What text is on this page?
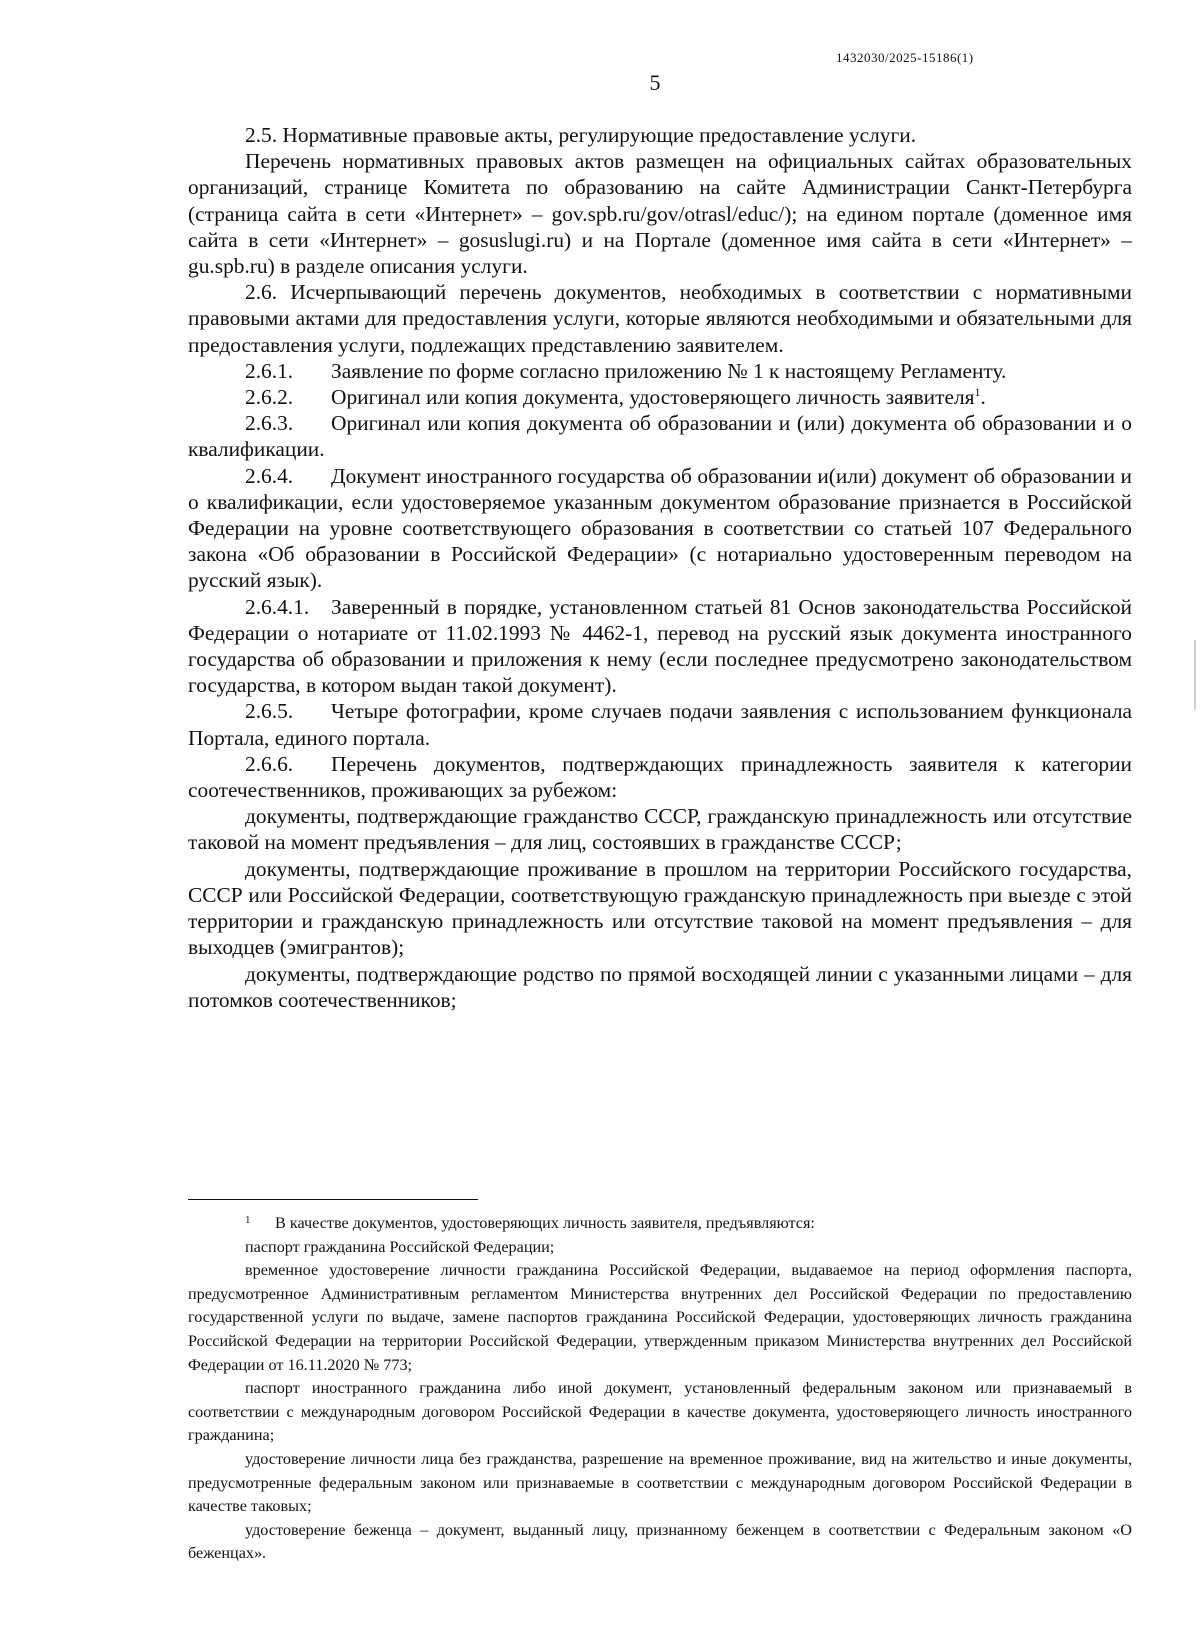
1432030/2025-15186(1)
5

2.5. Нормативные правовые акты, регулирующие предоставление услуги.

Перечень нормативных правовых актов размещен на официальных сайтах образовательных организаций, странице Комитета по образованию на сайте Администрации Санкт-Петербурга (страница сайта в сети «Интернет» – gov.spb.ru/gov/otrasl/educ/); на едином портале (доменное имя сайта в сети «Интернет» – gosuslugi.ru) и на Портале (доменное имя сайта в сети «Интернет» – gu.spb.ru) в разделе описания услуги.

2.6. Исчерпывающий перечень документов, необходимых в соответствии с нормативными правовыми актами для предоставления услуги, которые являются необходимыми и обязательными для предоставления услуги, подлежащих представлению заявителем.

2.6.1. Заявление по форме согласно приложению № 1 к настоящему Регламенту.

2.6.2. Оригинал или копия документа, удостоверяющего личность заявителя$^1$.

2.6.3. Оригинал или копия документа об образовании и (или) документа об образовании и о квалификации.

2.6.4. Документ иностранного государства об образовании и(или) документ об образовании и о квалификации, если удостоверяемое указанным документом образование признается в Российской Федерации на уровне соответствующего образования в соответствии со статьей 107 Федерального закона «Об образовании в Российской Федерации» (с нотариально удостоверенным переводом на русский язык).

2.6.4.1. Заверенный в порядке, установленном статьей 81 Основ законодательства Российской Федерации о нотариате от 11.02.1993 № 4462-1, перевод на русский язык документа иностранного государства об образовании и приложения к нему (если последнее предусмотрено законодательством государства, в котором выдан такой документ).

2.6.5. Четыре фотографии, кроме случаев подачи заявления с использованием функционала Портала, единого портала.

2.6.6. Перечень документов, подтверждающих принадлежность заявителя к категории соотечественников, проживающих за рубежом:

документы, подтверждающие гражданство СССР, гражданскую принадлежность или отсутствие таковой на момент предъявления – для лиц, состоявших в гражданстве СССР;

документы, подтверждающие проживание в прошлом на территории Российского государства, СССР или Российской Федерации, соответствующую гражданскую принадлежность при выезде с этой территории и гражданскую принадлежность или отсутствие таковой на момент предъявления – для выходцев (эмигрантов);

документы, подтверждающие родство по прямой восходящей линии с указанными лицами – для потомков соотечественников;

1 В качестве документов, удостоверяющих личность заявителя, предъявляются:

паспорт гражданина Российской Федерации;

временное удостоверение личности гражданина Российской Федерации, выдаваемое на период оформления паспорта, предусмотренное Административным регламентом Министерства внутренних дел Российской Федерации по предоставлению государственной услуги по выдаче, замене паспортов гражданина Российской Федерации, удостоверяющих личность гражданина Российской Федерации на территории Российской Федерации, утвержденным приказом Министерства внутренних дел Российской Федерации от 16.11.2020 № 773;

паспорт иностранного гражданина либо иной документ, установленный федеральным законом или признаваемый в соответствии с международным договором Российской Федерации в качестве документа, удостоверяющего личность иностранного гражданина;

удостоверение личности лица без гражданства, разрешение на временное проживание, вид на жительство и иные документы, предусмотренные федеральным законом или признаваемые в соответствии с международным договором Российской Федерации в качестве таковых;

удостоверение беженца – документ, выданный лицу, признанному беженцем в соответствии с Федеральным законом «О беженцах».
